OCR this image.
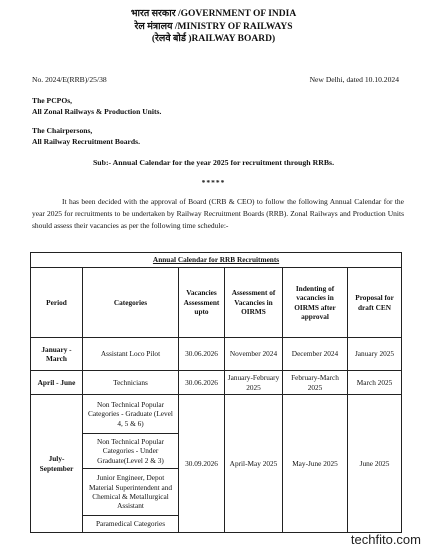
भारत सरकार /GOVERNMENT OF INDIA
रेल मंत्रालय /MINISTRY OF RAILWAYS
(रेलवे बोर्ड )RAILWAY BOARD)
No. 2024/E(RRB)/25/38	New Delhi, dated 10.10.2024
The PCPOs,
All Zonal Railways & Production Units.
The Chairpersons,
All Railway Recruitment Boards.
Sub:- Annual Calendar for the year 2025 for recruitment through RRBs.
*****
It has been decided with the approval of Board (CRB & CEO) to follow the following Annual Calendar for the year 2025 for recruitments to be undertaken by Railway Recruitment Boards (RRB). Zonal Railways and Production Units should assess their vacancies as per the following time schedule:-
Annual Calendar for RRB Recruitments					
Period	Categories	Vacancies Assessment upto	Assessment of Vacancies in OIRMS	Indenting of vacancies in OIRMS after approval	Proposal for draft CEN
January - March	Assistant Loco Pilot	30.06.2026	November 2024	December 2024	January 2025
April - June	Technicians	30.06.2026	January-February 2025	February-March 2025	March 2025
July-September	Non Technical Popular Categories - Graduate (Level 4, 5 & 6)	30.09.2026	April-May 2025	May-June 2025	June 2025
	Non Technical Popular Categories - Under Graduate(Level 2 & 3)				
	Junior Engineer, Depot Material Superintendent and Chemical & Metallurgical Assistant				
	Paramedical Categories				
techfito.com
